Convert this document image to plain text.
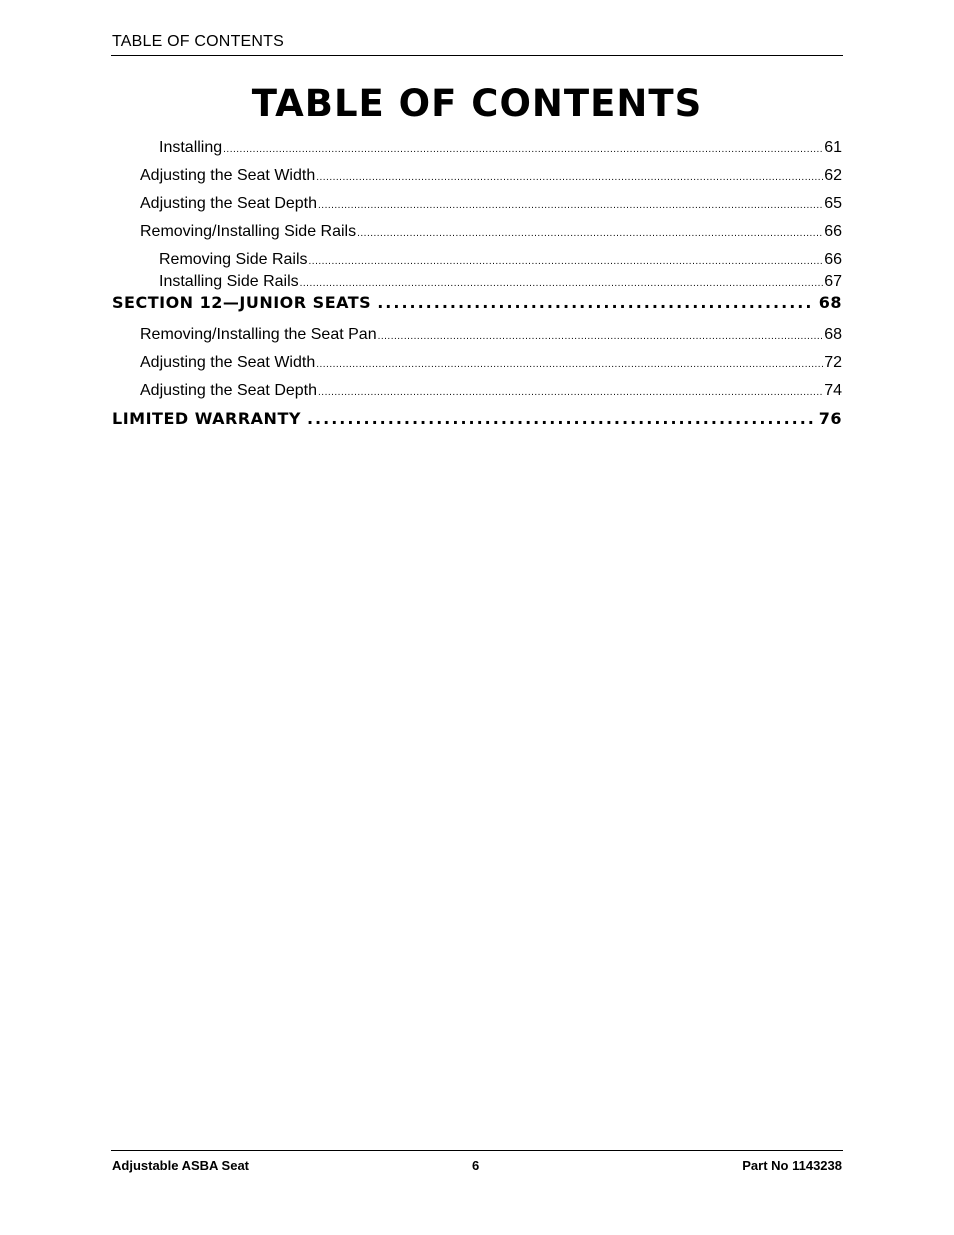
TABLE OF CONTENTS
TABLE OF CONTENTS
Installing .....	61
Adjusting the Seat Width .....	62
Adjusting the Seat Depth .....	65
Removing/Installing Side Rails .....	66
Removing Side Rails .....	66
Installing Side Rails .....	67
SECTION 12—JUNIOR SEATS .....	68
Removing/Installing the Seat Pan .....	68
Adjusting the Seat Width .....	72
Adjusting the Seat Depth .....	74
LIMITED WARRANTY .....	76
Adjustable ASBA Seat	6	Part No 1143238
